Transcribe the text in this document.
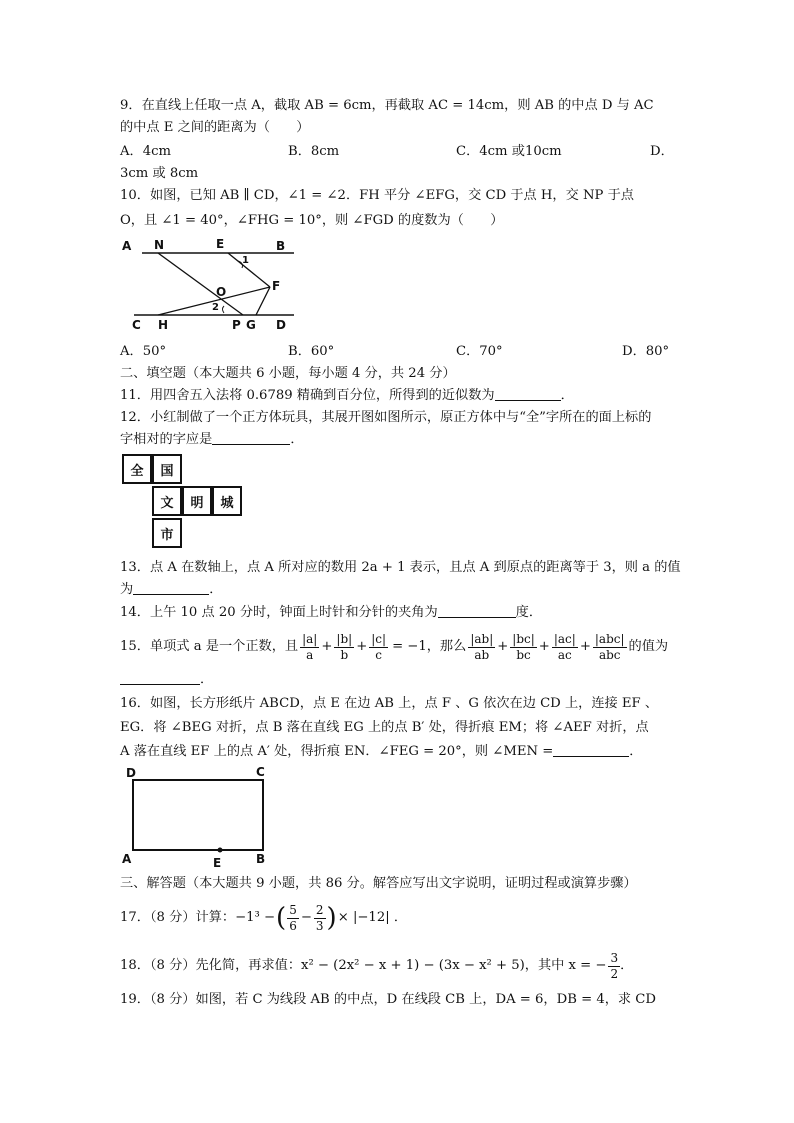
9．在直线上任取一点 A，截取 AB = 6cm，再截取 AC = 14cm，则 AB 的中点 D 与 AC
的中点 E 之间的距离为（　　）
A．4cm	B．8cm	C．4cm 或10cm	D．
3cm 或 8cm
10．如图，已知 AB ∥ CD，∠1 = ∠2．FH 平分 ∠EFG，交 CD 于点 H，交 NP 于点
O，且 ∠1 = 40°，∠FHG = 10°，则 ∠FGD 的度数为（　　）
A N	E	B
1
O	F
2
C H	P G D
A．50°	B．60°	C．70°	D．80°
二、填空题（本大题共 6 小题，每小题 4 分，共 24 分）
11．用四舍五入法将 0.6789 精确到百分位，所得到的近似数为	．
12．小红制做了一个正方体玩具，其展开图如图所示，原正方体中与“全”字所在的面上标的
字相对的字应是	．
全	国
文	明	城
市
13．点 A 在数轴上，点 A 所对应的数用 2a + 1 表示，且点 A 到原点的距离等于 3，则 a 的值
为	．
14．上午 10 点 20 分时，钟面上时针和分针的夹角为	度．
15．单项式 a 是一个正数，且 $\frac{|a|}{a} + \frac{|b|}{b} + \frac{|c|}{c} = -1$，那么 $\frac{|ab|}{ab} + \frac{|bc|}{bc} + \frac{|ac|}{ac}$ +
|abc|
abc
的值为
．
16．如图，长方形纸片 ABCD，点 E 在边 AB 上，点 F 、G 依次在边 CD 上，连接 EF 、
EG．将 ∠BEG 对折，点 B 落在直线 EG 上的点 B′ 处，得折痕 EM；将 ∠AEF 对折，点
A 落在直线 EF 上的点 A′ 处，得折痕 EN．∠FEG = 20°，则 ∠MEN =	．
D	C
A	E	B
三、解答题（本大题共 9 小题，共 86 分。解答应写出文字说明，证明过程或演算步骤）
17．（8 分）计算：−1³ − ( $\frac{5}{6} - \frac{2}{3}$ ) × |−12| ．
18．（8 分）先化简，再求值：x² − (2x² − x + 1) − (3x − x² + 5)，其中 x = − $\frac{3}{2}$ ．
19．（8 分）如图，若 C 为线段 AB 的中点，D 在线段 CB 上，DA = 6，DB = 4，求 CD
